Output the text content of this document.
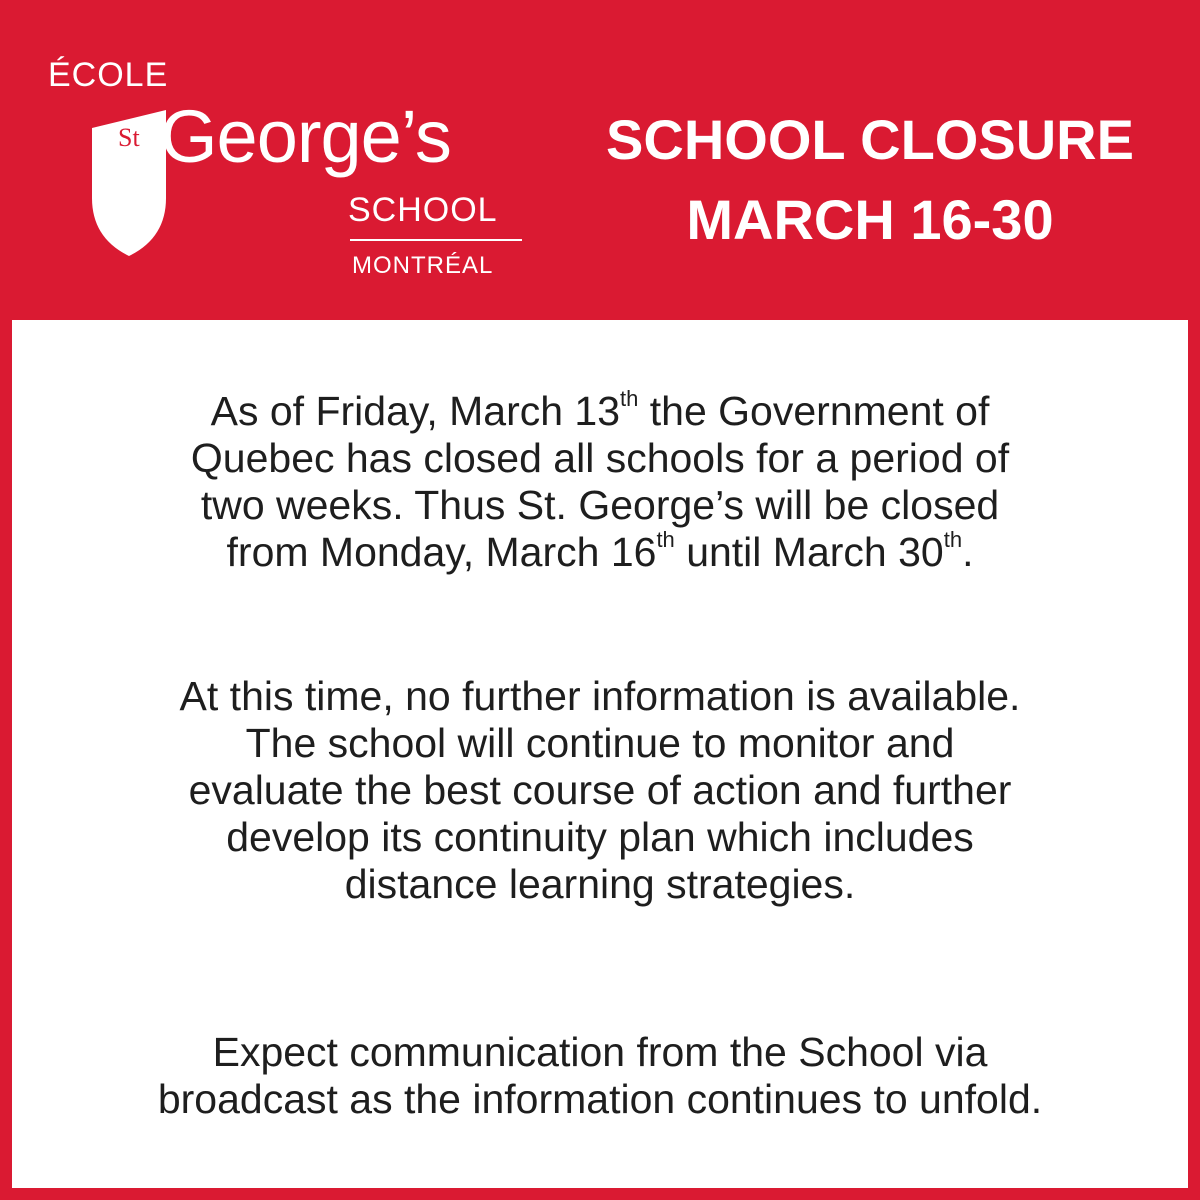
ÉCOLE
St George’s
SCHOOL
MONTRÉAL
SCHOOL CLOSURE
MARCH 16-30
As of Friday, March 13th the Government of
Quebec has closed all schools for a period of
two weeks. Thus St. George’s will be closed
from Monday, March 16th until March 30th.
At this time, no further information is available.
The school will continue to monitor and
evaluate the best course of action and further
develop its continuity plan which includes
distance learning strategies.
Expect communication from the School via
broadcast as the information continues to unfold.
